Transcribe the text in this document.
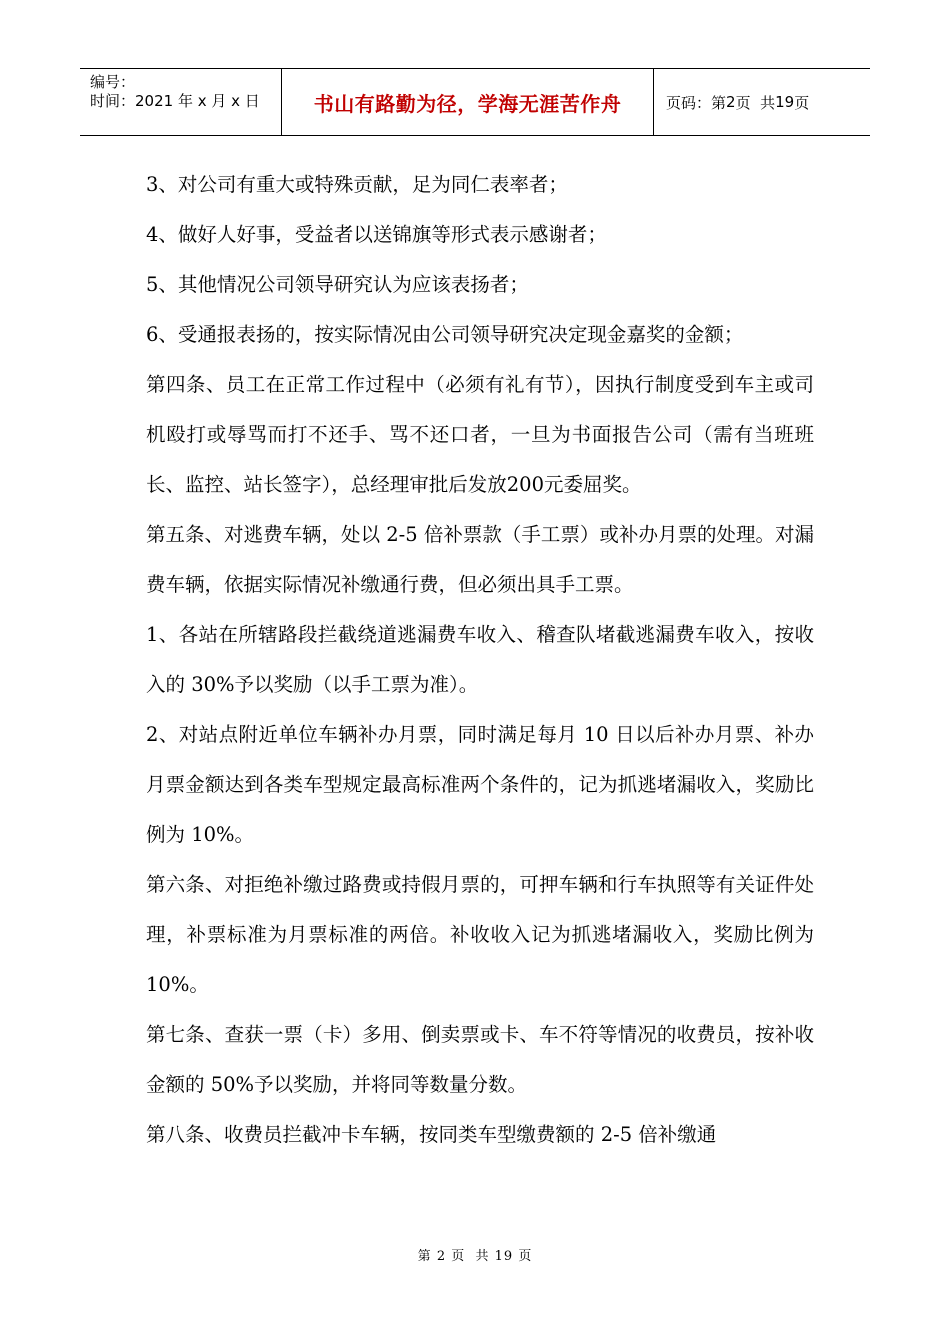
编号：
时间：2021 年 x 月 x 日	书山有路勤为径，学海无涯苦作舟	页码：第 2 页  共 19 页

3、对公司有重大或特殊贡献，足为同仁表率者；

4、做好人好事，受益者以送锦旗等形式表示感谢者；

5、其他情况公司领导研究认为应该表扬者；

6、受通报表扬的，按实际情况由公司领导研究决定现金嘉奖的金额；

第四条、员工在正常工作过程中（必须有礼有节），因执行制度受到车主或司机殴打或辱骂而打不还手、骂不还口者，一旦为书面报告公司（需有当班班长、监控、站长签字），总经理审批后发放200元委屈奖。

第五条、对逃费车辆，处以 2-5 倍补票款（手工票）或补办月票的处理。对漏费车辆，依据实际情况补缴通行费，但必须出具手工票。

1、各站在所辖路段拦截绕道逃漏费车收入、稽查队堵截逃漏费车收入，按收入的 30%予以奖励（以手工票为准）。

2、对站点附近单位车辆补办月票，同时满足每月 10 日以后补办月票、补办月票金额达到各类车型规定最高标准两个条件的，记为抓逃堵漏收入，奖励比例为 10%。

第六条、对拒绝补缴过路费或持假月票的，可押车辆和行车执照等有关证件处理，补票标准为月票标准的两倍。补收收入记为抓逃堵漏收入，奖励比例为 10%。

第七条、查获一票（卡）多用、倒卖票或卡、车不符等情况的收费员，按补收金额的 50%予以奖励，并将同等数量分数。

第八条、收费员拦截冲卡车辆，按同类车型缴费额的 2-5 倍补缴通

第 2 页  共 19 页
